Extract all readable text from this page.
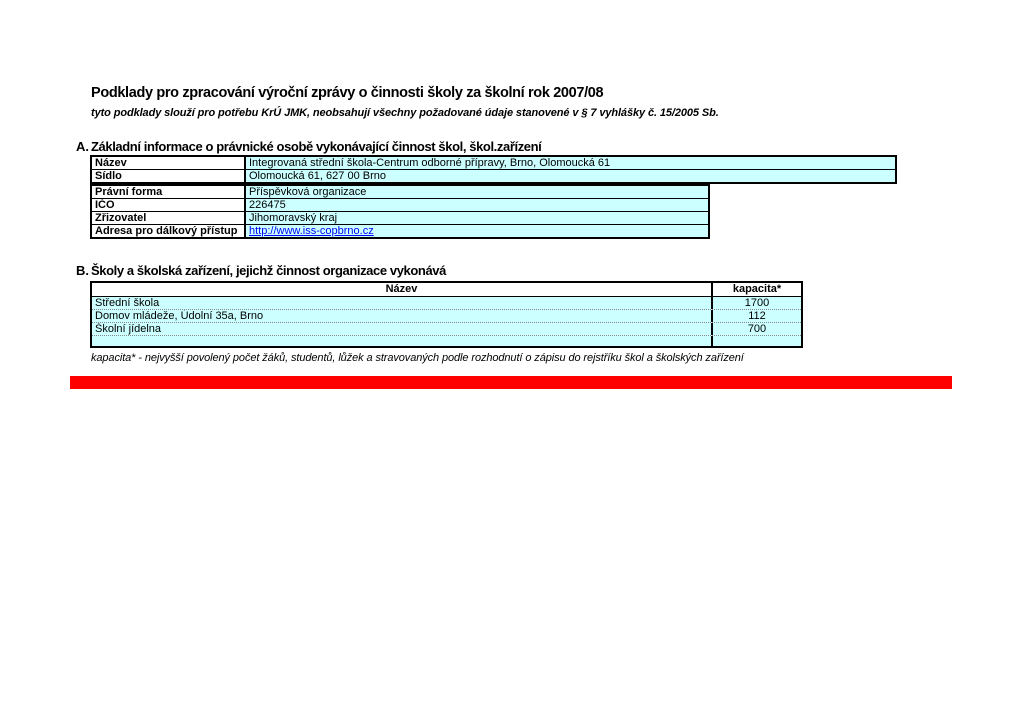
Podklady pro zpracování výroční zprávy o činnosti školy za školní rok 2007/08
tyto podklady slouží pro potřebu KrÚ JMK, neobsahují všechny požadované údaje stanovené v § 7 vyhlášky č. 15/2005 Sb.
A. Základní informace o právnické osobě vykonávající činnost škol, škol.zařízení
Název	Integrovaná střední škola-Centrum odborné přípravy, Brno, Olomoucká 61
Sídlo	Olomoucká 61, 627 00 Brno
Právní forma	Příspěvková organizace
IČO	226475
Zřizovatel	Jihomoravský kraj
Adresa pro dálkový přístup	http://www.iss-copbrno.cz
B. Školy a školská zařízení, jejichž činnost organizace vykonává
Název	kapacita*
Střední škola	1700
Domov mládeže, Údolní 35a, Brno	112
Školní jídelna	700
kapacita* - nejvyšší povolený počet žáků, studentů, lůžek a stravovaných podle rozhodnutí o zápisu do rejstříku škol a školských zařízení
